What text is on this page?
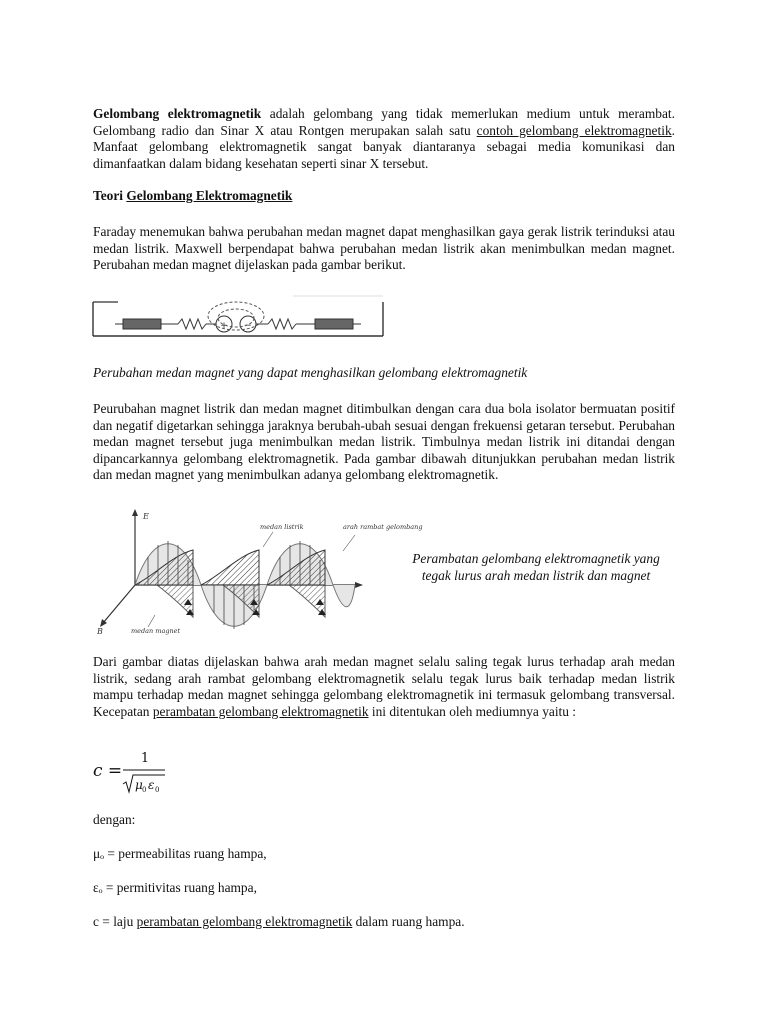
Gelombang elektromagnetik adalah gelombang yang tidak memerlukan medium untuk merambat. Gelombang radio dan Sinar X atau Rontgen merupakan salah satu contoh gelombang elektromagnetik. Manfaat gelombang elektromagnetik sangat banyak diantaranya sebagai media komunikasi dan dimanfaatkan dalam bidang kesehatan seperti sinar X tersebut.

Teori Gelombang Elektromagnetik

Faraday menemukan bahwa perubahan medan magnet dapat menghasilkan gaya gerak listrik terinduksi atau medan listrik. Maxwell berpendapat bahwa perubahan medan listrik akan menimbulkan medan magnet. Perubahan medan magnet dijelaskan pada gambar berikut.

+ −

Perubahan medan magnet yang dapat menghasilkan gelombang elektromagnetik

Peurubahan magnet listrik dan medan magnet ditimbulkan dengan cara dua bola isolator bermuatan positif dan negatif digetarkan sehingga jaraknya berubah-ubah sesuai dengan frekuensi getaran tersebut. Perubahan medan magnet tersebut juga menimbulkan medan listrik. Timbulnya medan listrik ini ditandai dengan dipancarkannya gelombang elektromagnetik. Pada gambar dibawah ditunjukkan perubahan medan listrik dan medan magnet yang menimbulkan adanya gelombang elektromagnetik.

E
B
medan listrik	arah rambat gelombang
medan magnet

Perambatan gelombang elektromagnetik yang tegak lurus arah medan listrik dan magnet

Dari gambar diatas dijelaskan bahwa arah medan magnet selalu saling tegak lurus terhadap arah medan listrik, sedang arah rambat gelombang elektromagnetik selalu tegak lurus baik terhadap medan listrik mampu terhadap medan magnet sehingga gelombang elektromagnetik ini termasuk gelombang transversal. Kecepatan perambatan gelombang elektromagnetik ini ditentukan oleh mediumnya yaitu :

c =
1
μ 0 ε 0

dengan:

μₒ = permeabilitas ruang hampa,

εₒ = permitivitas ruang hampa,

c = laju perambatan gelombang elektromagnetik dalam ruang hampa.
